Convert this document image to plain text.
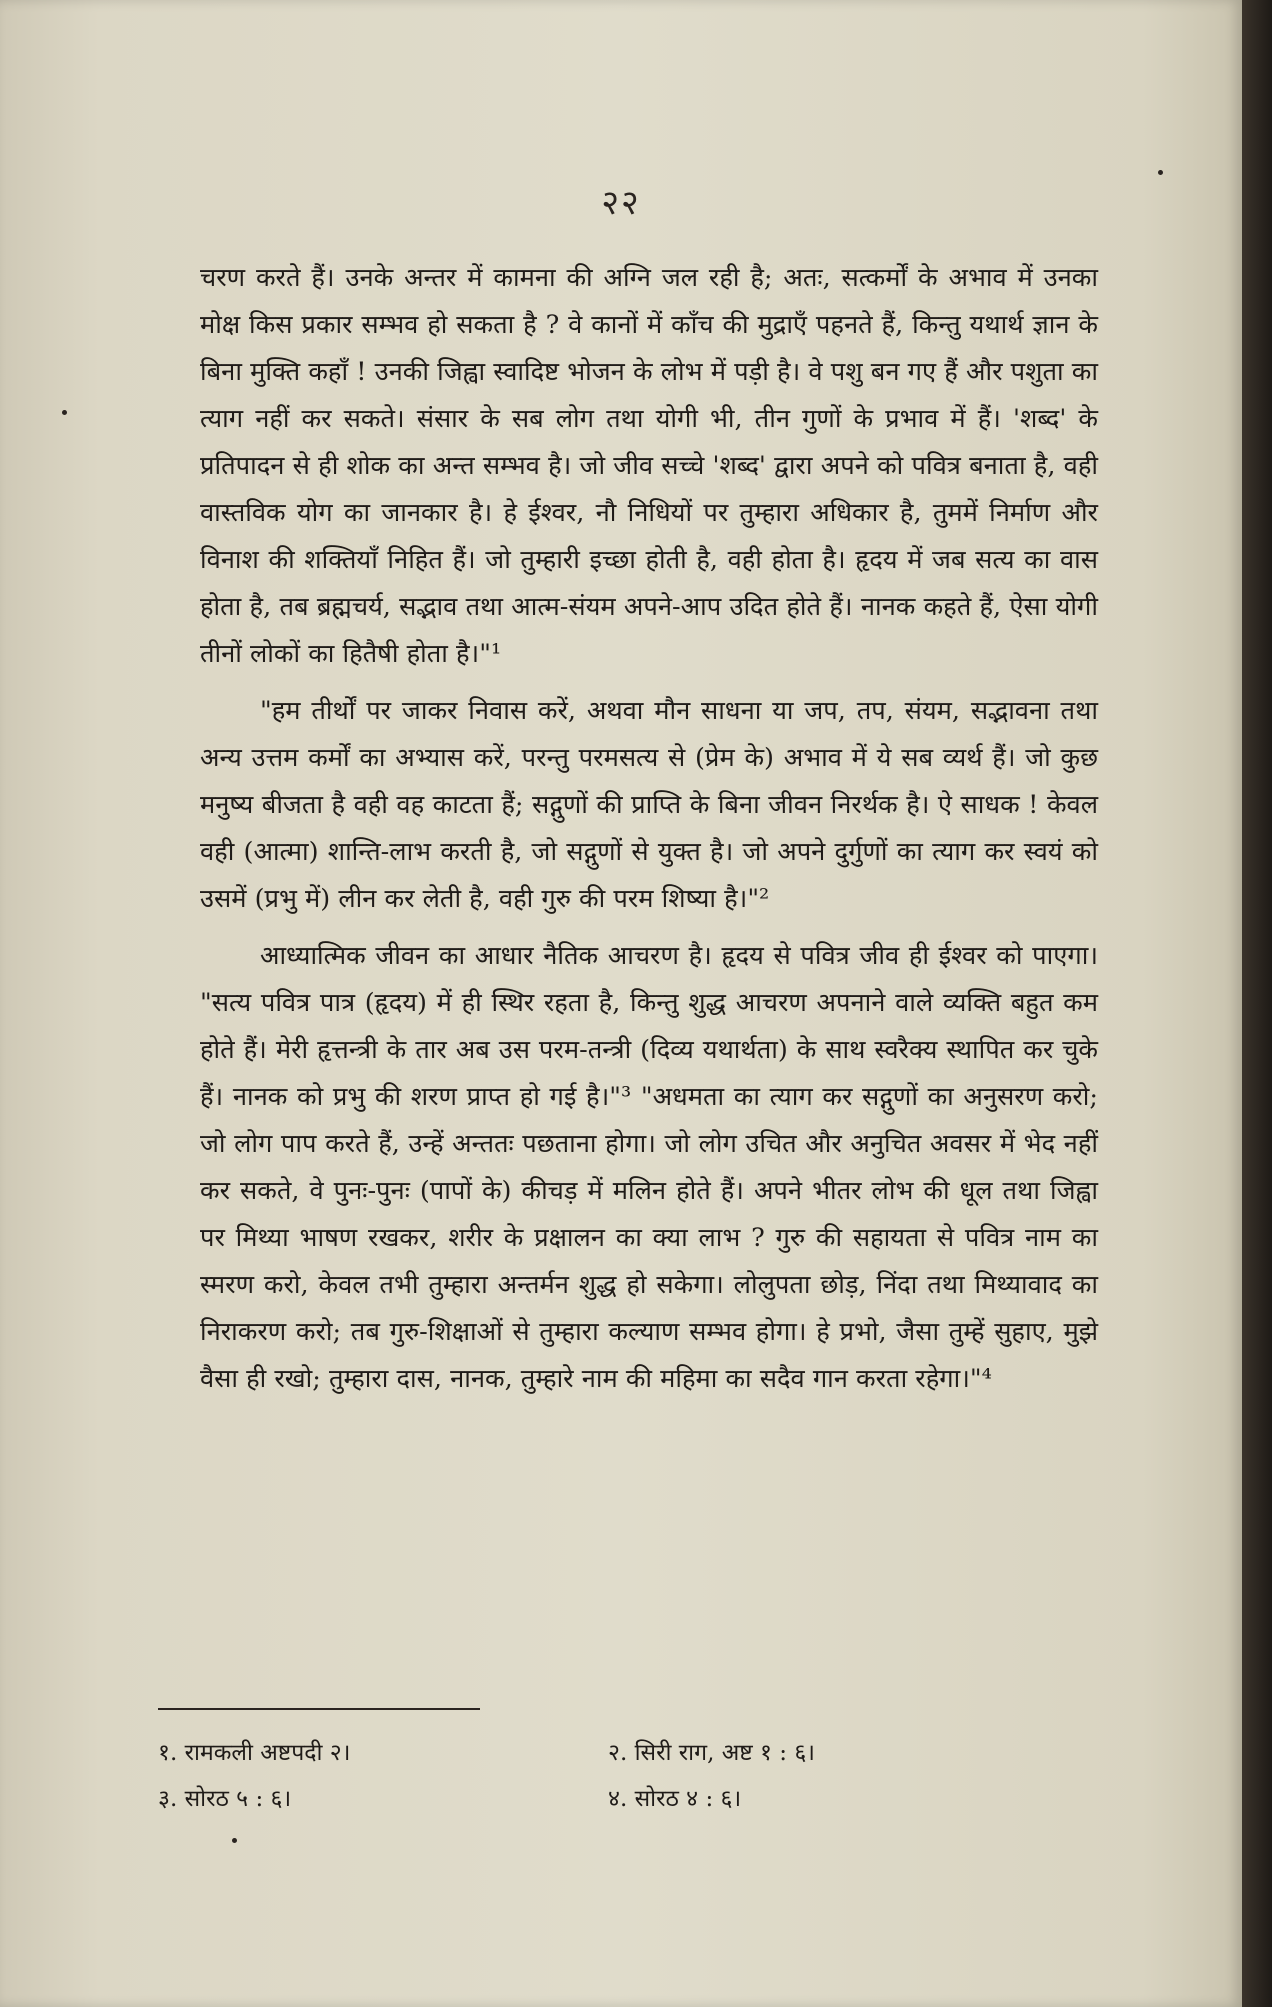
२२

चरण करते हैं। उनके अन्तर में कामना की अग्नि जल रही है; अतः, सत्कर्मों के अभाव में उनका मोक्ष किस प्रकार सम्भव हो सकता है ? वे कानों में काँच की मुद्राएँ पहनते हैं, किन्तु यथार्थ ज्ञान के बिना मुक्ति कहाँ ! उनकी जिह्वा स्वादिष्ट भोजन के लोभ में पड़ी है। वे पशु बन गए हैं और पशुता का त्याग नहीं कर सकते। संसार के सब लोग तथा योगी भी, तीन गुणों के प्रभाव में हैं। 'शब्द' के प्रतिपादन से ही शोक का अन्त सम्भव है। जो जीव सच्चे 'शब्द' द्वारा अपने को पवित्र बनाता है, वही वास्तविक योग का जानकार है। हे ईश्वर, नौ निधियों पर तुम्हारा अधिकार है, तुममें निर्माण और विनाश की शक्तियाँ निहित हैं। जो तुम्हारी इच्छा होती है, वही होता है। हृदय में जब सत्य का वास होता है, तब ब्रह्मचर्य, सद्भाव तथा आत्म-संयम अपने-आप उदित होते हैं। नानक कहते हैं, ऐसा योगी तीनों लोकों का हितैषी होता है।"¹

"हम तीर्थों पर जाकर निवास करें, अथवा मौन साधना या जप, तप, संयम, सद्भावना तथा अन्य उत्तम कर्मों का अभ्यास करें, परन्तु परमसत्य से (प्रेम के) अभाव में ये सब व्यर्थ हैं। जो कुछ मनुष्य बीजता है वही वह काटता हैं; सद्गुणों की प्राप्ति के बिना जीवन निरर्थक है। ऐ साधक ! केवल वही (आत्मा) शान्ति-लाभ करती है, जो सद्गुणों से युक्त है। जो अपने दुर्गुणों का त्याग कर स्वयं को उसमें (प्रभु में) लीन कर लेती है, वही गुरु की परम शिष्या है।"²

आध्यात्मिक जीवन का आधार नैतिक आचरण है। हृदय से पवित्र जीव ही ईश्वर को पाएगा। "सत्य पवित्र पात्र (हृदय) में ही स्थिर रहता है, किन्तु शुद्ध आचरण अपनाने वाले व्यक्ति बहुत कम होते हैं। मेरी हृत्तन्त्री के तार अब उस परम-तन्त्री (दिव्य यथार्थता) के साथ स्वरैक्य स्थापित कर चुके हैं। नानक को प्रभु की शरण प्राप्त हो गई है।"³ "अधमता का त्याग कर सद्गुणों का अनुसरण करो; जो लोग पाप करते हैं, उन्हें अन्ततः पछताना होगा। जो लोग उचित और अनुचित अवसर में भेद नहीं कर सकते, वे पुनः-पुनः (पापों के) कीचड़ में मलिन होते हैं। अपने भीतर लोभ की धूल तथा जिह्वा पर मिथ्या भाषण रखकर, शरीर के प्रक्षालन का क्या लाभ ? गुरु की सहायता से पवित्र नाम का स्मरण करो, केवल तभी तुम्हारा अन्तर्मन शुद्ध हो सकेगा। लोलुपता छोड़, निंदा तथा मिथ्यावाद का निराकरण करो; तब गुरु-शिक्षाओं से तुम्हारा कल्याण सम्भव होगा। हे प्रभो, जैसा तुम्हें सुहाए, मुझे वैसा ही रखो; तुम्हारा दास, नानक, तुम्हारे नाम की महिमा का सदैव गान करता रहेगा।"⁴

१. रामकली अष्टपदी २।	२. सिरी राग, अष्ट १ : ६।
३. सोरठ ५ : ६।	४. सोरठ ४ : ६।
